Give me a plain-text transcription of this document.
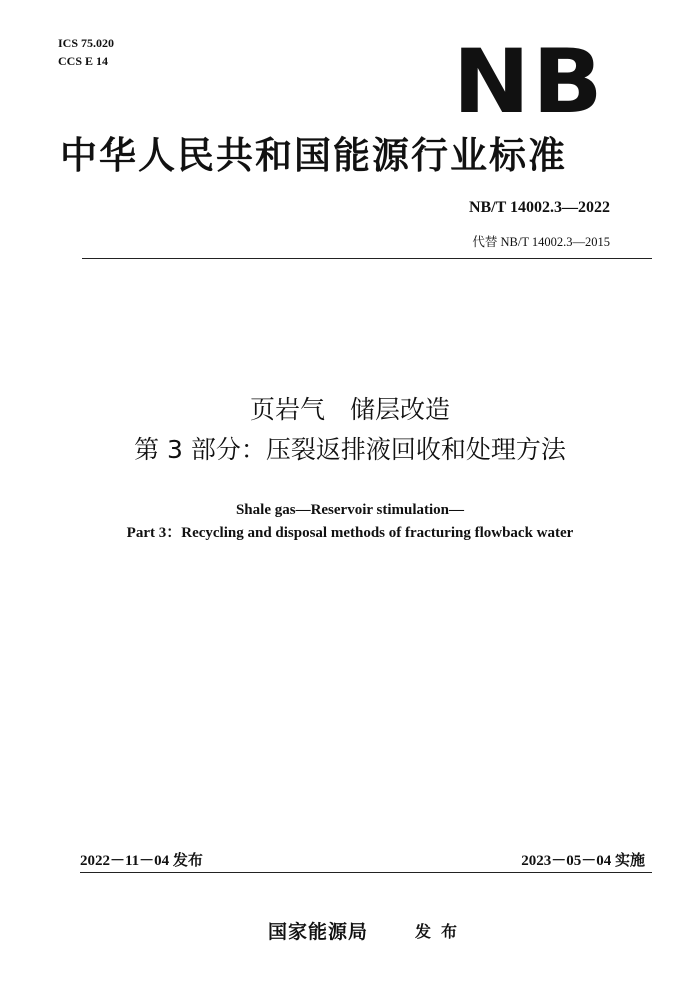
ICS 75.020
CCS E 14	NB
中华人民共和国能源行业标准
NB/T 14002.3—2022
代替 NB/T 14002.3—2015
页岩气　储层改造
第 3 部分：压裂返排液回收和处理方法
Shale gas—Reservoir stimulation—
Part 3：Recycling and disposal methods of fracturing flowback water
2022－11－04 发布	2023－05－04 实施
国家能源局	发布
